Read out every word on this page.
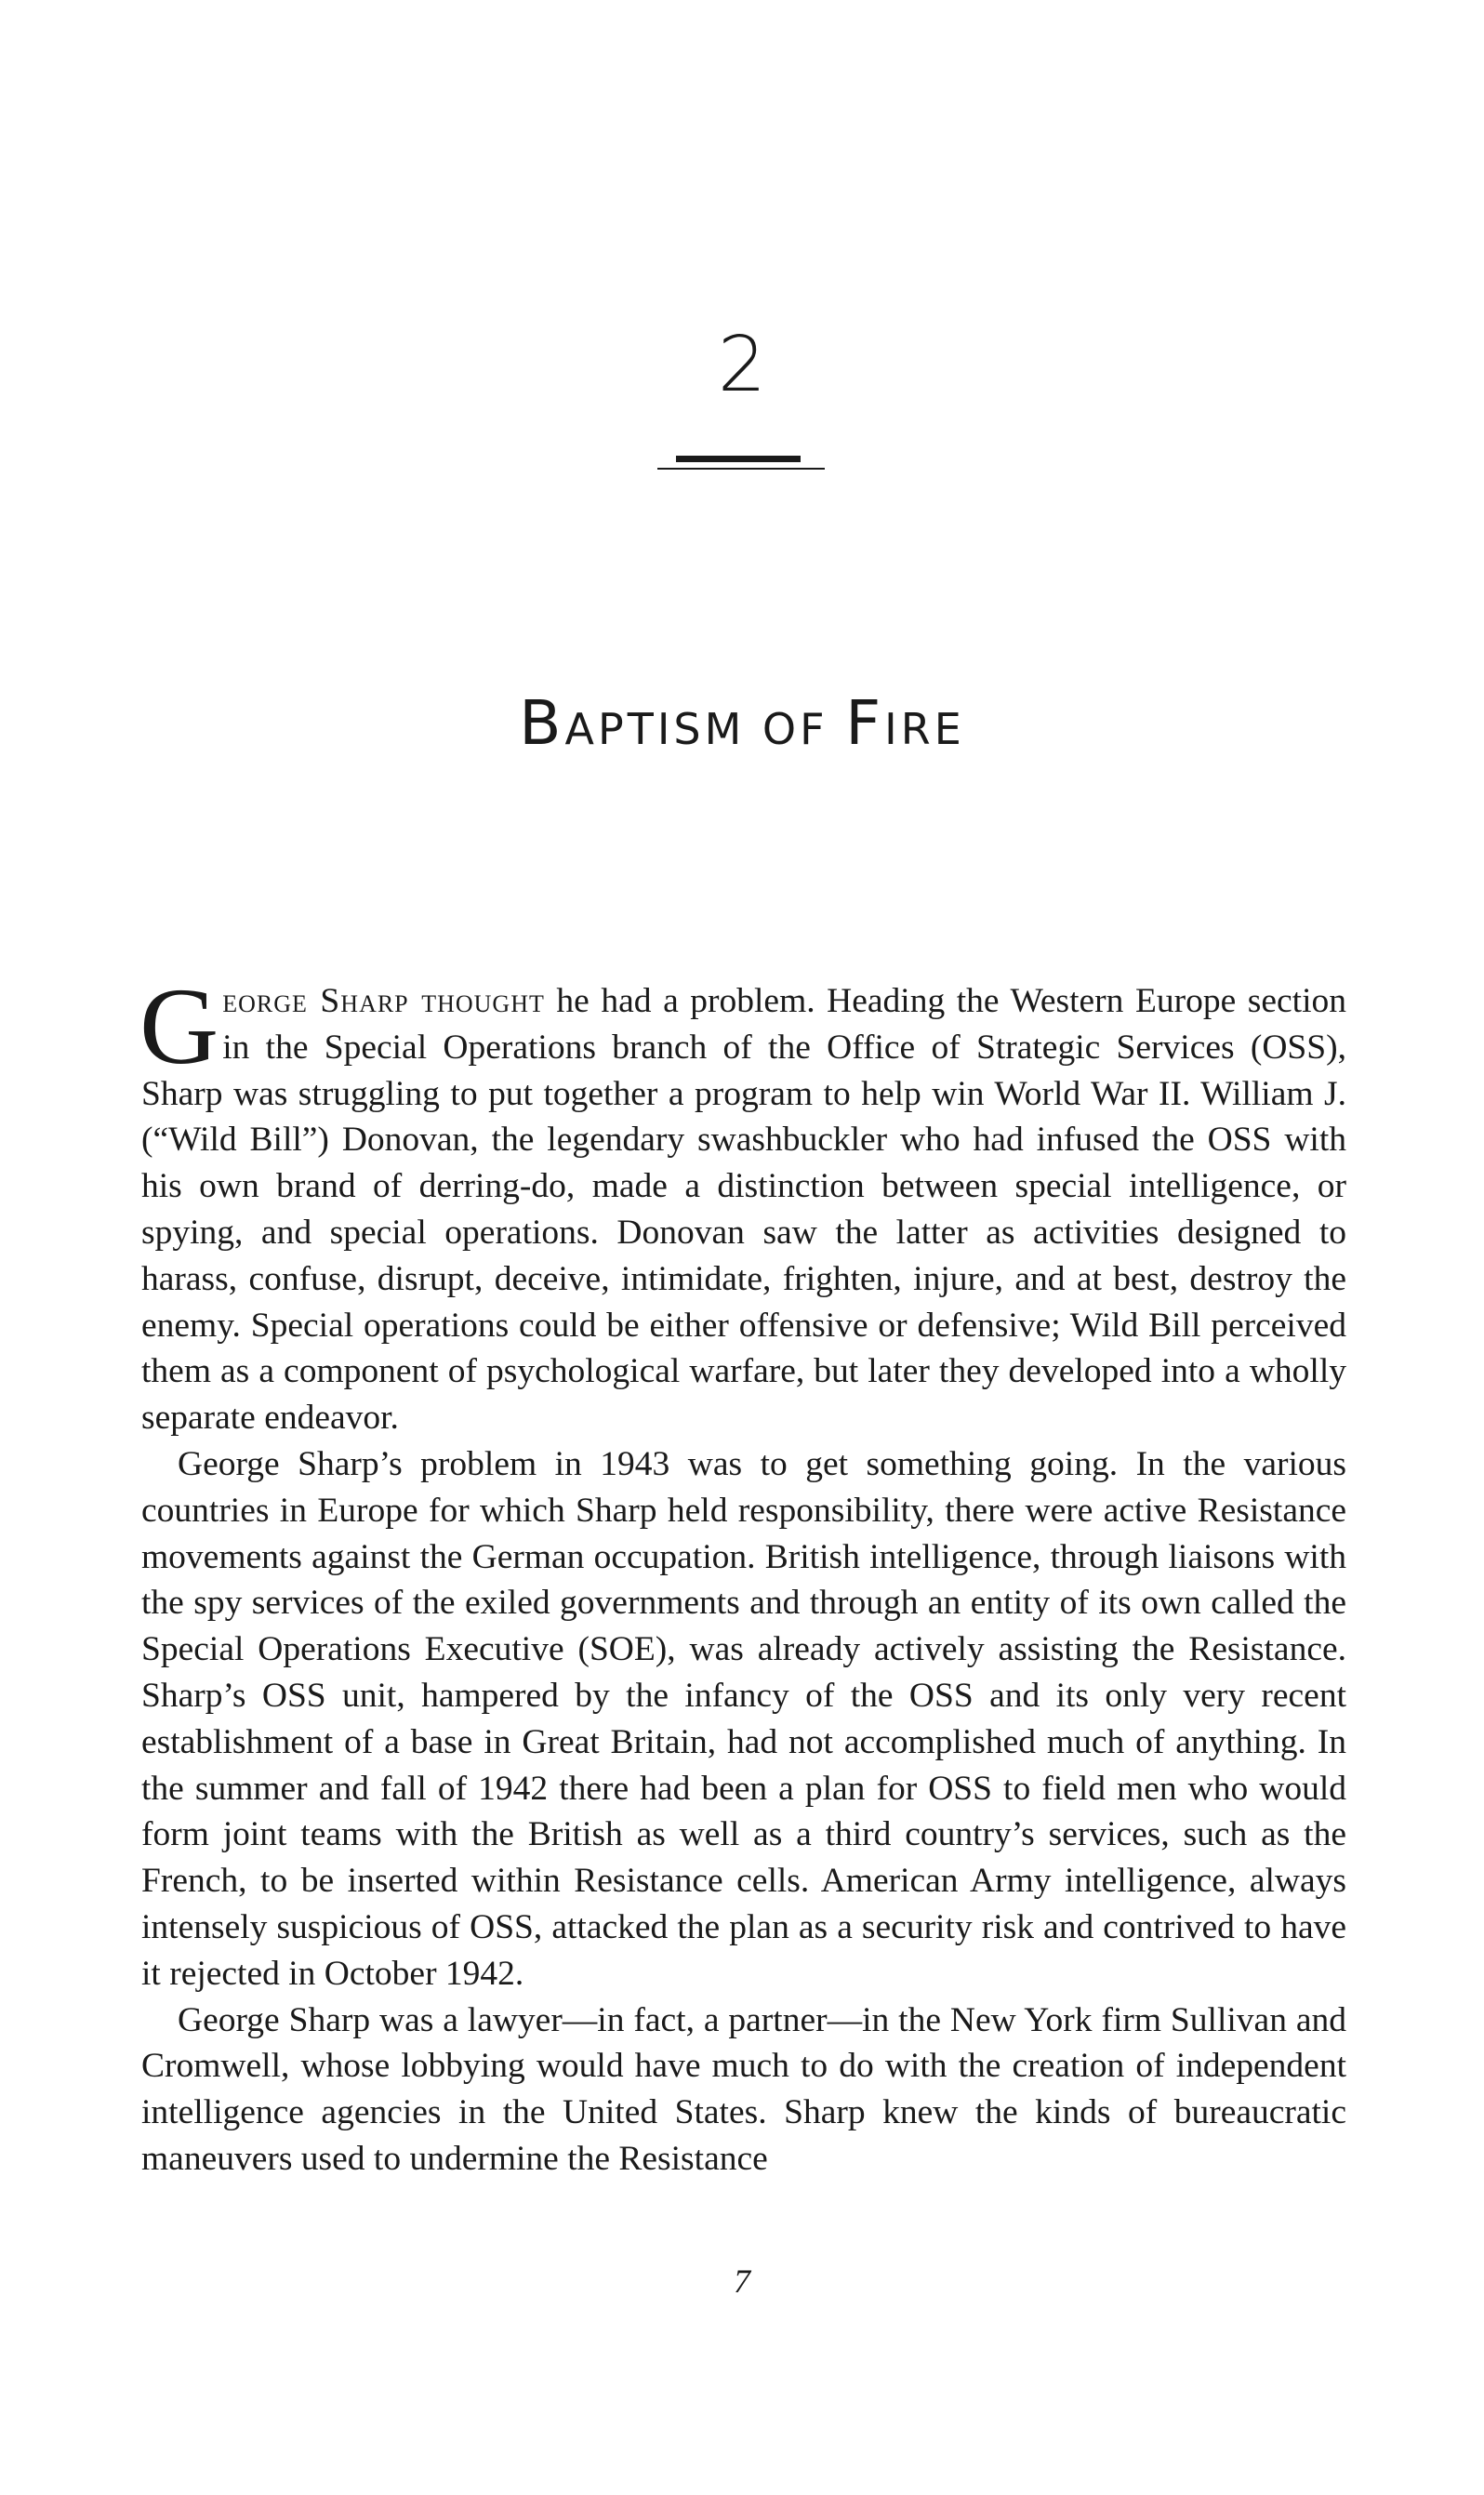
2
BAPTISM OF FIRE

George Sharp thought he had a problem. Heading the Western Europe section in the Special Operations branch of the Office of Strategic Services (OSS), Sharp was struggling to put together a program to help win World War II. William J. (“Wild Bill”) Donovan, the legendary swashbuckler who had infused the OSS with his own brand of derring-do, made a distinction between special intelligence, or spying, and special operations. Donovan saw the latter as activities designed to harass, confuse, disrupt, deceive, intimidate, frighten, injure, and at best, destroy the enemy. Special operations could be either offensive or defensive; Wild Bill perceived them as a component of psychological warfare, but later they developed into a wholly separate endeavor.

George Sharp’s problem in 1943 was to get something going. In the various countries in Europe for which Sharp held responsibility, there were active Resistance movements against the German occupation. British intelligence, through liaisons with the spy services of the exiled governments and through an entity of its own called the Special Operations Executive (SOE), was already actively assisting the Resistance. Sharp’s OSS unit, hampered by the infancy of the OSS and its only very recent establishment of a base in Great Britain, had not accomplished much of anything. In the summer and fall of 1942 there had been a plan for OSS to field men who would form joint teams with the British as well as a third country’s services, such as the French, to be inserted within Resistance cells. American Army intelligence, always intensely suspicious of OSS, attacked the plan as a security risk and contrived to have it rejected in October 1942.

George Sharp was a lawyer—in fact, a partner—in the New York firm Sullivan and Cromwell, whose lobbying would have much to do with the creation of independent intelligence agencies in the United States. Sharp knew the kinds of bureaucratic maneuvers used to undermine the Resistance

7
